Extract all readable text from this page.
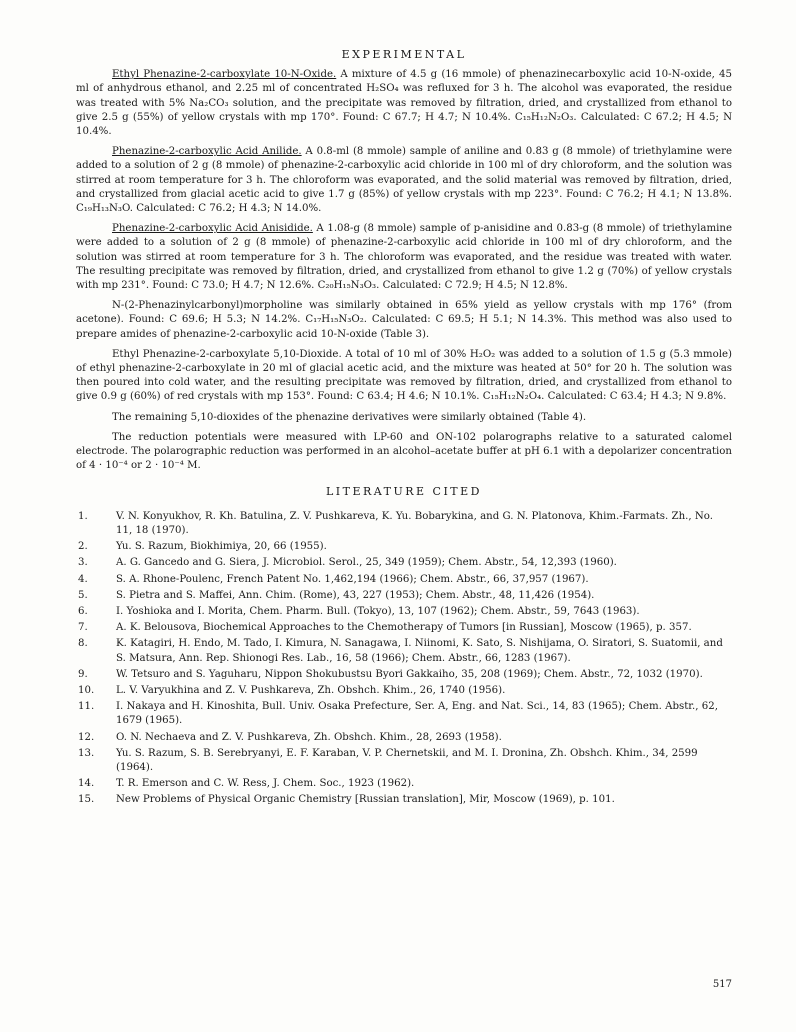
EXPERIMENTAL

Ethyl Phenazine-2-carboxylate 10-N-Oxide. A mixture of 4.5 g (16 mmole) of phenazinecarboxylic acid 10-N-oxide, 45 ml of anhydrous ethanol, and 2.25 ml of concentrated H₂SO₄ was refluxed for 3 h. The alcohol was evaporated, the residue was treated with 5% Na₂CO₃ solution, and the precipitate was removed by filtration, dried, and crystallized from ethanol to give 2.5 g (55%) of yellow crystals with mp 170°. Found: C 67.7; H 4.7; N 10.4%. C₁₅H₁₂N₂O₃. Calculated: C 67.2; H 4.5; N 10.4%.

Phenazine-2-carboxylic Acid Anilide. A 0.8-ml (8 mmole) sample of aniline and 0.83 g (8 mmole) of triethylamine were added to a solution of 2 g (8 mmole) of phenazine-2-carboxylic acid chloride in 100 ml of dry chloroform, and the solution was stirred at room temperature for 3 h. The chloroform was evaporated, and the solid material was removed by filtration, dried, and crystallized from glacial acetic acid to give 1.7 g (85%) of yellow crystals with mp 223°. Found: C 76.2; H 4.1; N 13.8%. C₁₉H₁₃N₃O. Calculated: C 76.2; H 4.3; N 14.0%.

Phenazine-2-carboxylic Acid Anisidide. A 1.08-g (8 mmole) sample of p-anisidine and 0.83-g (8 mmole) of triethylamine were added to a solution of 2 g (8 mmole) of phenazine-2-carboxylic acid chloride in 100 ml of dry chloroform, and the solution was stirred at room temperature for 3 h. The chloroform was evaporated, and the residue was treated with water. The resulting precipitate was removed by filtration, dried, and crystallized from ethanol to give 1.2 g (70%) of yellow crystals with mp 231°. Found: C 73.0; H 4.7; N 12.6%. C₂₀H₁₅N₃O₃. Calculated: C 72.9; H 4.5; N 12.8%.

N-(2-Phenazinylcarbonyl)morpholine was similarly obtained in 65% yield as yellow crystals with mp 176° (from acetone). Found: C 69.6; H 5.3; N 14.2%. C₁₇H₁₅N₃O₂. Calculated: C 69.5; H 5.1; N 14.3%. This method was also used to prepare amides of phenazine-2-carboxylic acid 10-N-oxide (Table 3).

Ethyl Phenazine-2-carboxylate 5,10-Dioxide. A total of 10 ml of 30% H₂O₂ was added to a solution of 1.5 g (5.3 mmole) of ethyl phenazine-2-carboxylate in 20 ml of glacial acetic acid, and the mixture was heated at 50° for 20 h. The solution was then poured into cold water, and the resulting precipitate was removed by filtration, dried, and crystallized from ethanol to give 0.9 g (60%) of red crystals with mp 153°. Found: C 63.4; H 4.6; N 10.1%. C₁₅H₁₂N₂O₄. Calculated: C 63.4; H 4.3; N 9.8%.

The remaining 5,10-dioxides of the phenazine derivatives were similarly obtained (Table 4).

The reduction potentials were measured with LP-60 and ON-102 polarographs relative to a saturated calomel electrode. The polarographic reduction was performed in an alcohol–acetate buffer at pH 6.1 with a depolarizer concentration of 4 · 10⁻⁴ or 2 · 10⁻⁴ M.

LITERATURE CITED
1.	V. N. Konyukhov, R. Kh. Batulina, Z. V. Pushkareva, K. Yu. Bobarykina, and G. N. Platonova, Khim.-Farmats. Zh., No. 11, 18 (1970).
2.	Yu. S. Razum, Biokhimiya, 20, 66 (1955).
3.	A. G. Gancedo and G. Siera, J. Microbiol. Serol., 25, 349 (1959); Chem. Abstr., 54, 12,393 (1960).
4.	S. A. Rhone-Poulenc, French Patent No. 1,462,194 (1966); Chem. Abstr., 66, 37,957 (1967).
5.	S. Pietra and S. Maffei, Ann. Chim. (Rome), 43, 227 (1953); Chem. Abstr., 48, 11,426 (1954).
6.	I. Yoshioka and I. Morita, Chem. Pharm. Bull. (Tokyo), 13, 107 (1962); Chem. Abstr., 59, 7643 (1963).
7.	A. K. Belousova, Biochemical Approaches to the Chemotherapy of Tumors [in Russian], Moscow (1965), p. 357.
8.	K. Katagiri, H. Endo, M. Tado, I. Kimura, N. Sanagawa, I. Niinomi, K. Sato, S. Nishijama, O. Siratori, S. Suatomii, and S. Matsura, Ann. Rep. Shionogi Res. Lab., 16, 58 (1966); Chem. Abstr., 66, 1283 (1967).
9.	W. Tetsuro and S. Yaguharu, Nippon Shokubustsu Byori Gakkaiho, 35, 208 (1969); Chem. Abstr., 72, 1032 (1970).
10.	L. V. Varyukhina and Z. V. Pushkareva, Zh. Obshch. Khim., 26, 1740 (1956).
11.	I. Nakaya and H. Kinoshita, Bull. Univ. Osaka Prefecture, Ser. A, Eng. and Nat. Sci., 14, 83 (1965); Chem. Abstr., 62, 1679 (1965).
12.	O. N. Nechaeva and Z. V. Pushkareva, Zh. Obshch. Khim., 28, 2693 (1958).
13.	Yu. S. Razum, S. B. Serebryanyi, E. F. Karaban, V. P. Chernetskii, and M. I. Dronina, Zh. Obshch. Khim., 34, 2599 (1964).
14.	T. R. Emerson and C. W. Ress, J. Chem. Soc., 1923 (1962).
15.	New Problems of Physical Organic Chemistry [Russian translation], Mir, Moscow (1969), p. 101.
517
